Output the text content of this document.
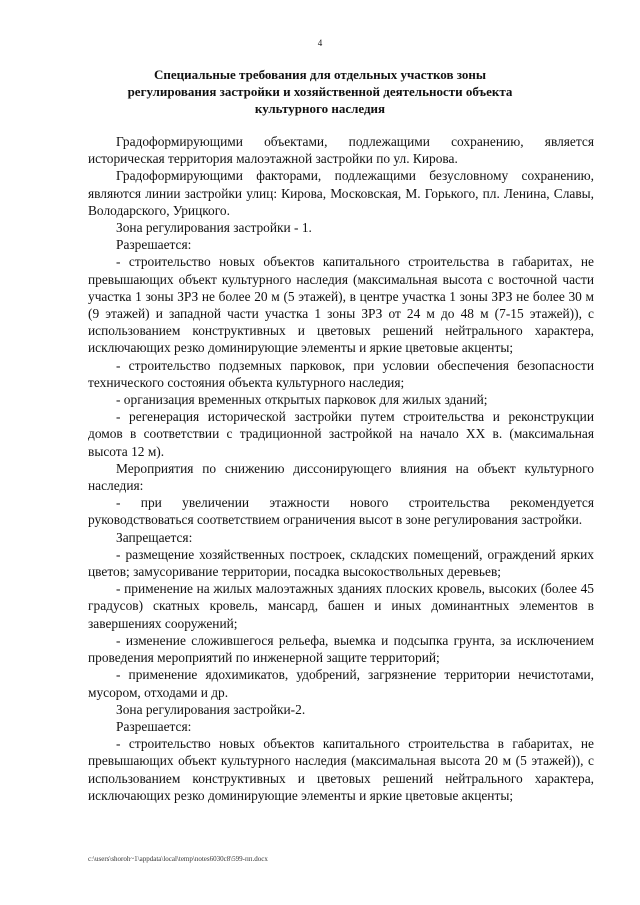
4
Специальные требования для отдельных участков зоны
регулирования застройки и хозяйственной деятельности объекта
культурного наследия

Градоформирующими объектами, подлежащими сохранению, является историческая территория малоэтажной застройки по ул. Кирова.

Градоформирующими факторами, подлежащими безусловному сохранению, являются линии застройки улиц: Кирова, Московская, М. Горького, пл. Ленина, Славы, Володарского, Урицкого.

Зона регулирования застройки - 1.

Разрешается:

- строительство новых объектов капитального строительства в габаритах, не превышающих объект культурного наследия (максимальная высота с восточной части участка 1 зоны ЗРЗ не более 20 м (5 этажей), в центре участка 1 зоны ЗРЗ не более 30 м (9 этажей) и западной части участка 1 зоны ЗРЗ от 24 м до 48 м (7-15 этажей)), с использованием конструктивных и цветовых решений нейтрального характера, исключающих резко доминирующие элементы и яркие цветовые акценты;

- строительство подземных парковок, при условии обеспечения безопасности технического состояния объекта культурного наследия;

- организация временных открытых парковок для жилых зданий;

- регенерация исторической застройки путем строительства и реконструкции домов в соответствии с традиционной застройкой на начало XX в. (максимальная высота 12 м).

Мероприятия по снижению диссонирующего влияния на объект культурного наследия:

- при увеличении этажности нового строительства рекомендуется руководствоваться соответствием ограничения высот в зоне регулирования застройки.

Запрещается:

- размещение хозяйственных построек, складских помещений, ограждений ярких цветов; замусоривание территории, посадка высокоствольных деревьев;

- применение на жилых малоэтажных зданиях плоских кровель, высоких (более 45 градусов) скатных кровель, мансард, башен и иных доминантных элементов в завершениях сооружений;

- изменение сложившегося рельефа, выемка и подсыпка грунта, за исключением проведения мероприятий по инженерной защите территорий;

- применение ядохимикатов, удобрений, загрязнение территории нечистотами, мусором, отходами и др.

Зона регулирования застройки-2.

Разрешается:

- строительство новых объектов капитального строительства в габаритах, не превышающих объект культурного наследия (максимальная высота 20 м (5 этажей)), с использованием конструктивных и цветовых решений нейтрального характера, исключающих резко доминирующие элементы и яркие цветовые акценты;

c:\users\shoroh~1\appdata\local\temp\notes6030c8\599-пп.docx
